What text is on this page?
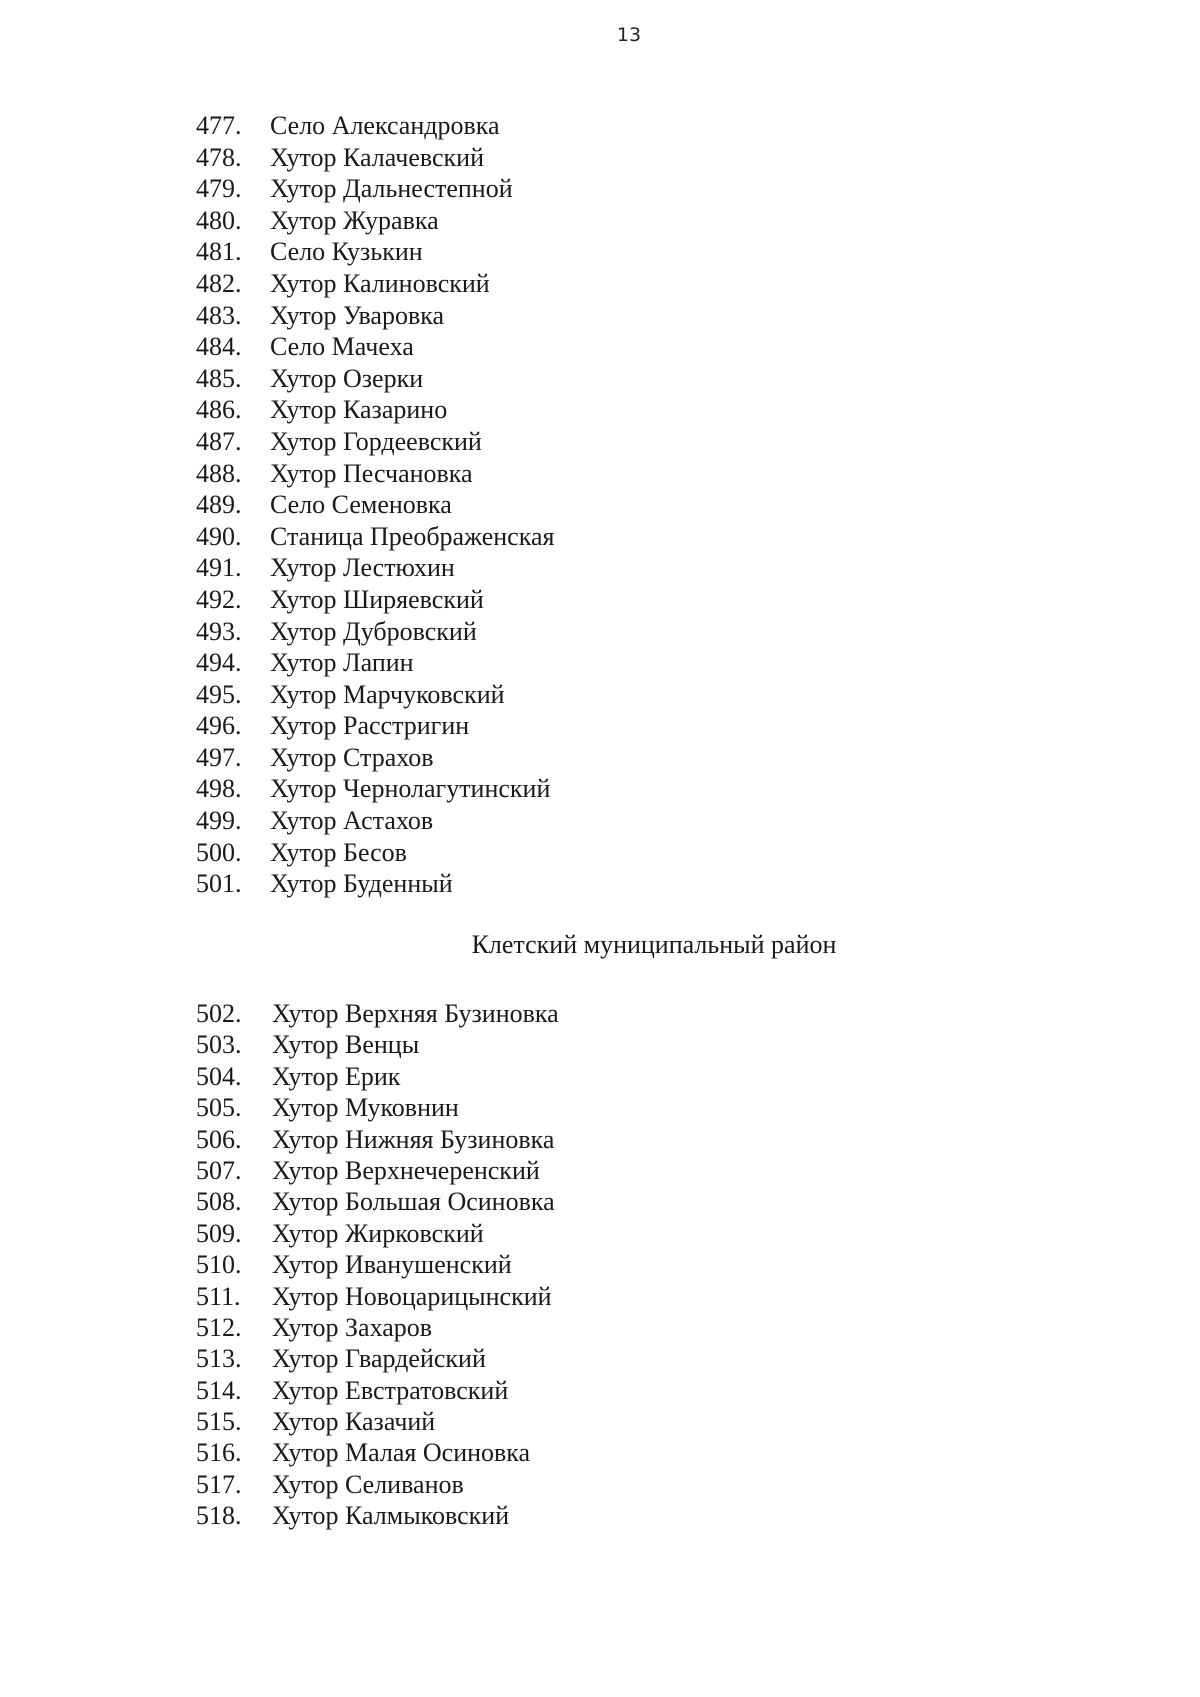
13
477.	Село Александровка
478.	Хутор Калачевский
479.	Хутор Дальнестепной
480.	Хутор Журавка
481.	Село Кузькин
482.	Хутор Калиновский
483.	Хутор Уваровка
484.	Село Мачеха
485.	Хутор Озерки
486.	Хутор Казарино
487.	Хутор Гордеевский
488.	Хутор Песчановка
489.	Село Семеновка
490.	Станица Преображенская
491.	Хутор Лестюхин
492.	Хутор Ширяевский
493.	Хутор Дубровский
494.	Хутор Лапин
495.	Хутор Марчуковский
496.	Хутор Расстригин
497.	Хутор Страхов
498.	Хутор Чернолагутинский
499.	Хутор Астахов
500.	Хутор Бесов
501.	Хутор Буденный
Клетский муниципальный район
502.	Хутор Верхняя Бузиновка
503.	Хутор Венцы
504.	Хутор Ерик
505.	Хутор Муковнин
506.	Хутор Нижняя Бузиновка
507.	Хутор Верхнечеренский
508.	Хутор Большая Осиновка
509.	Хутор Жирковский
510.	Хутор Иванушенский
511.	Хутор Новоцарицынский
512.	Хутор Захаров
513.	Хутор Гвардейский
514.	Хутор Евстратовский
515.	Хутор Казачий
516.	Хутор Малая Осиновка
517.	Хутор Селиванов
518.	Хутор Калмыковский
